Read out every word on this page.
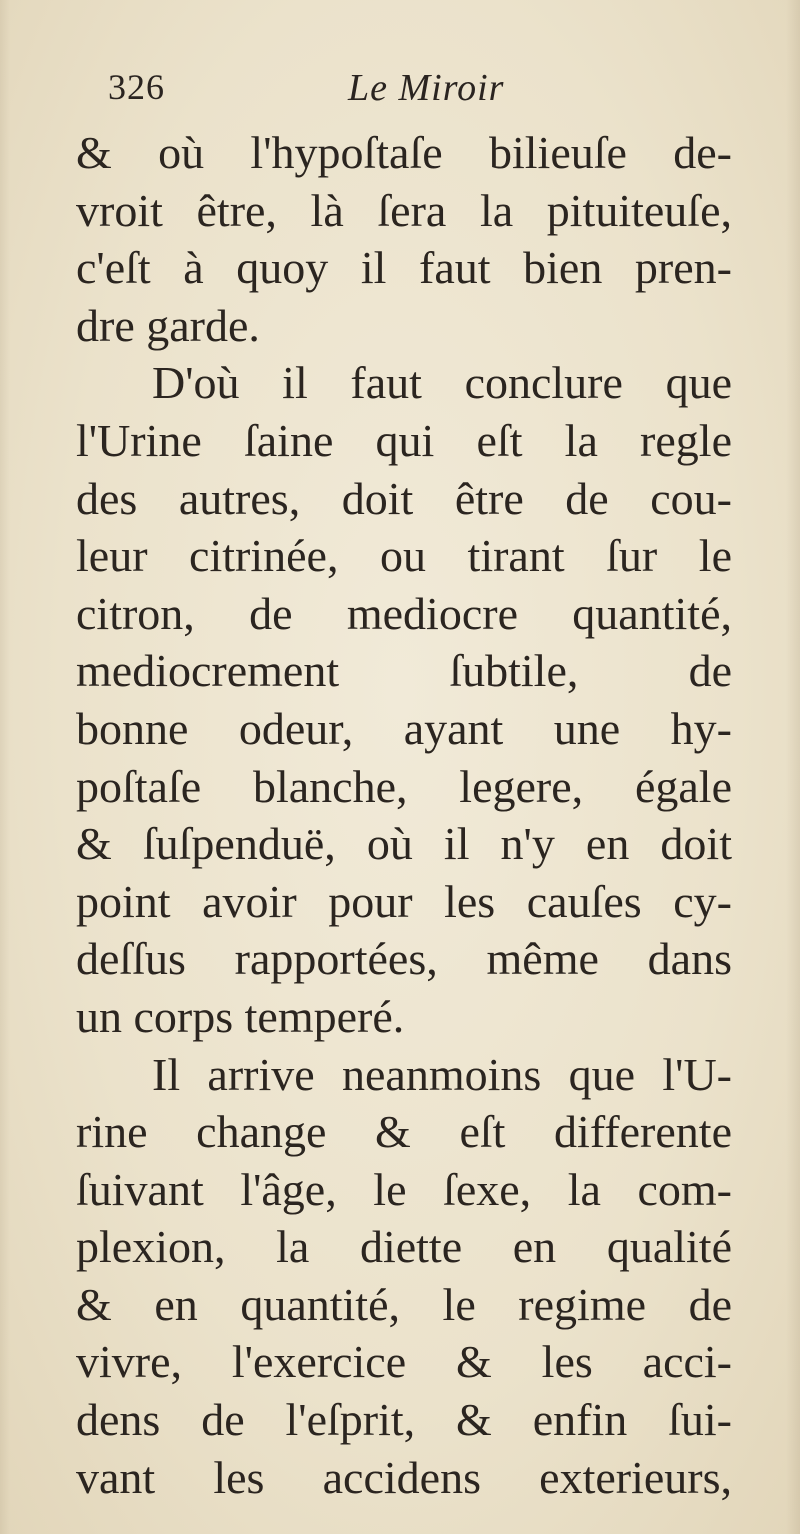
326	Le Miroir
& où l'hypoſtaſe bilieuſe de-
vroit être, là ſera la pituiteuſe,
c'eſt à quoy il faut bien pren-
dre garde.
D'où il faut conclure que
l'Urine ſaine qui eſt la regle
des autres, doit être de cou-
leur citrinée, ou tirant ſur le
citron, de mediocre quantité,
mediocrement ſubtile, de
bonne odeur, ayant une hy-
poſtaſe blanche, legere, égale
& ſuſpenduë, où il n'y en doit
point avoir pour les cauſes cy-
deſſus rapportées, même dans
un corps temperé.
Il arrive neanmoins que l'U-
rine change & eſt differente
ſuivant l'âge, le ſexe, la com-
plexion, la diette en qualité
& en quantité, le regime de
vivre, l'exercice & les acci-
dens de l'eſprit, & enfin ſui-
vant les accidens exterieurs,
